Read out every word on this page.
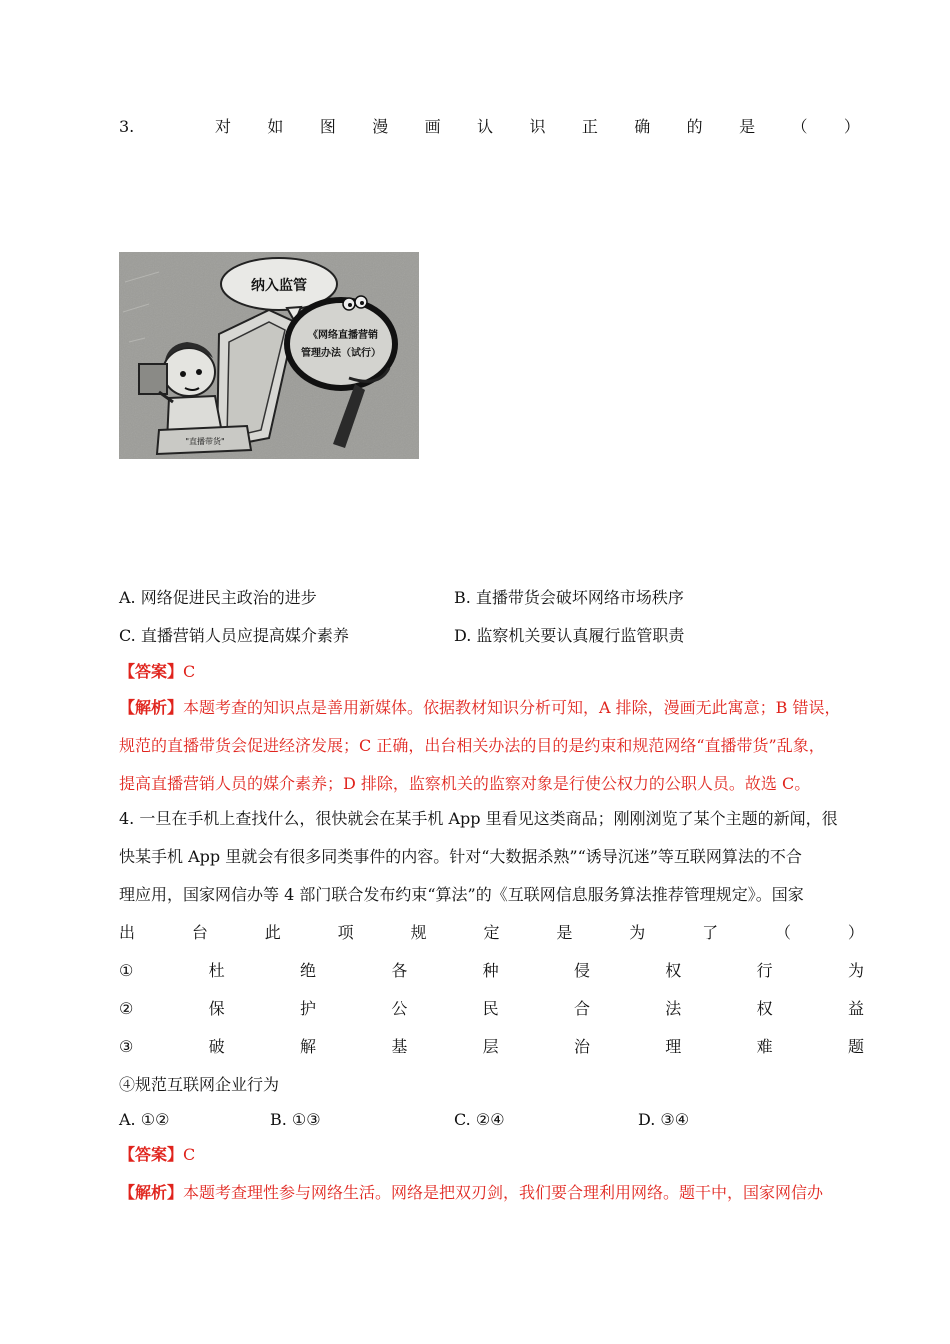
3.	对 如 图 漫 画 认 识 正 确 的 是 （ ）
纳入监管
《网络直播营销
管理办法（试行）
"直播带货"
A. 网络促进民主政治的进步	B. 直播带货会破坏网络市场秩序
C. 直播营销人员应提高媒介素养	D. 监察机关要认真履行监管职责
【答案】C
【解析】本题考查的知识点是善用新媒体。依据教材知识分析可知，A 排除，漫画无此寓意；B 错误，
规范的直播带货会促进经济发展；C 正确，出台相关办法的目的是约束和规范网络“直播带货”乱象，
提高直播营销人员的媒介素养；D 排除，监察机关的监察对象是行使公权力的公职人员。故选 C。
4. 一旦在手机上查找什么，很快就会在某手机 App 里看见这类商品；刚刚浏览了某个主题的新闻，很
快某手机 App 里就会有很多同类事件的内容。针对“大数据杀熟”“诱导沉迷”等互联网算法的不合
理应用，国家网信办等 4 部门联合发布约束“算法”的《互联网信息服务算法推荐管理规定》。国家
出	台	此	项	规	定	是	为	了	（	）
①	杜	绝	各	种	侵	权	行	为
②	保	护	公	民	合	法	权	益
③	破	解	基	层	治	理	难	题
④规范互联网企业行为
A. ①②	B. ①③	C. ②④	D. ③④
【答案】C
【解析】本题考查理性参与网络生活。网络是把双刃剑，我们要合理利用网络。题干中，国家网信办
